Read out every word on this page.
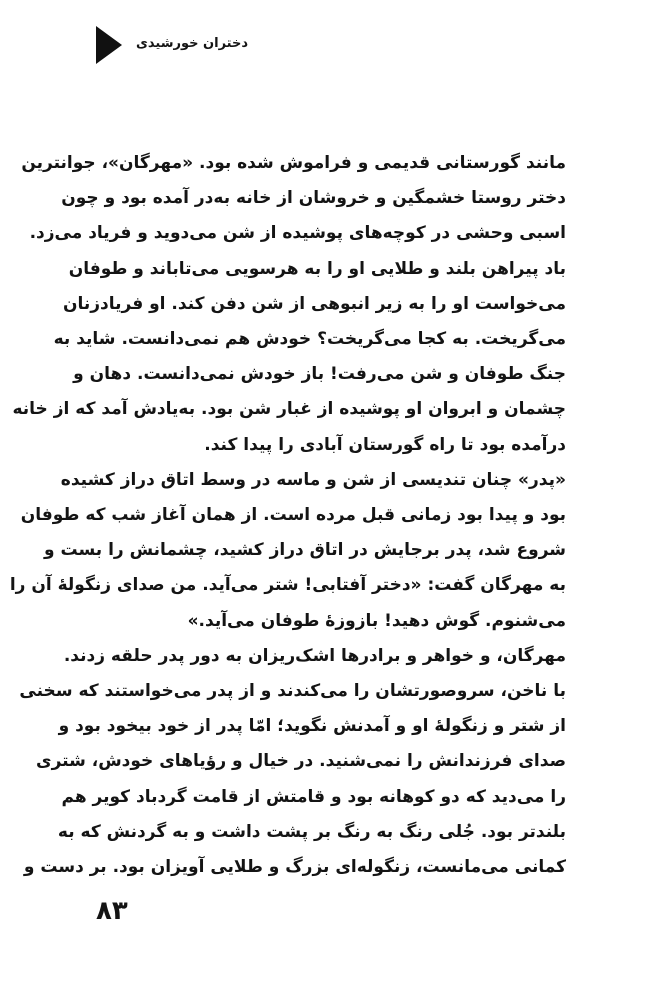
دختران خورشیدی

مانند گورستانی قدیمی و فراموش شده بود. «مهرگان»، جوانترین

دختر روستا خشمگین و خروشان از خانه به‌در آمده بود و چون

اسبی وحشی در کوچه‌های پوشیده از شن می‌دوید و فریاد می‌زد.

باد پیراهن بلند و طلایی او را به هرسویی می‌تاباند و طوفان

می‌خواست او را به زیر انبوهی از شن دفن کند. او فریادزنان

می‌گریخت. به کجا می‌گریخت؟ خودش هم نمی‌دانست. شاید به

جنگ طوفان و شن می‌رفت! باز خودش نمی‌دانست. دهان و

چشمان و ابروان او پوشیده از غبار شن بود. به‌یادش آمد که از خانه

درآمده بود تا راه گورستان آبادی را پیدا کند.

«پدر» چنان تندیسی از شن و ماسه در وسط اتاق دراز کشیده

بود و پیدا بود زمانی قبل مرده است. از همان آغاز شب که طوفان

شروع شد، پدر برجایش در اتاق دراز کشید، چشمانش را بست و

به مهرگان گفت: «دختر آفتابی! شتر می‌آید. من صدای زنگولهٔ آن را

می‌شنوم. گوش دهید! بازوزهٔ طوفان می‌آید.»

مهرگان، و خواهر و برادرها اشک‌ریزان به دور پدر حلقه زدند.

با ناخن، سروصورتشان را می‌کندند و از پدر می‌خواستند که سخنی

از شتر و زنگولهٔ او و آمدنش نگوید؛ امّا پدر از خود بیخود بود و

صدای فرزندانش را نمی‌شنید. در خیال و رؤیاهای خودش، شتری

را می‌دید که دو کوهانه بود و قامتش از قامت گردباد کویر هم

بلندتر بود. جُلی رنگ به رنگ بر پشت داشت و به گردنش که به

کمانی می‌مانست، زنگوله‌ای بزرگ و طلایی آویزان بود. بر دست و

۸۳
